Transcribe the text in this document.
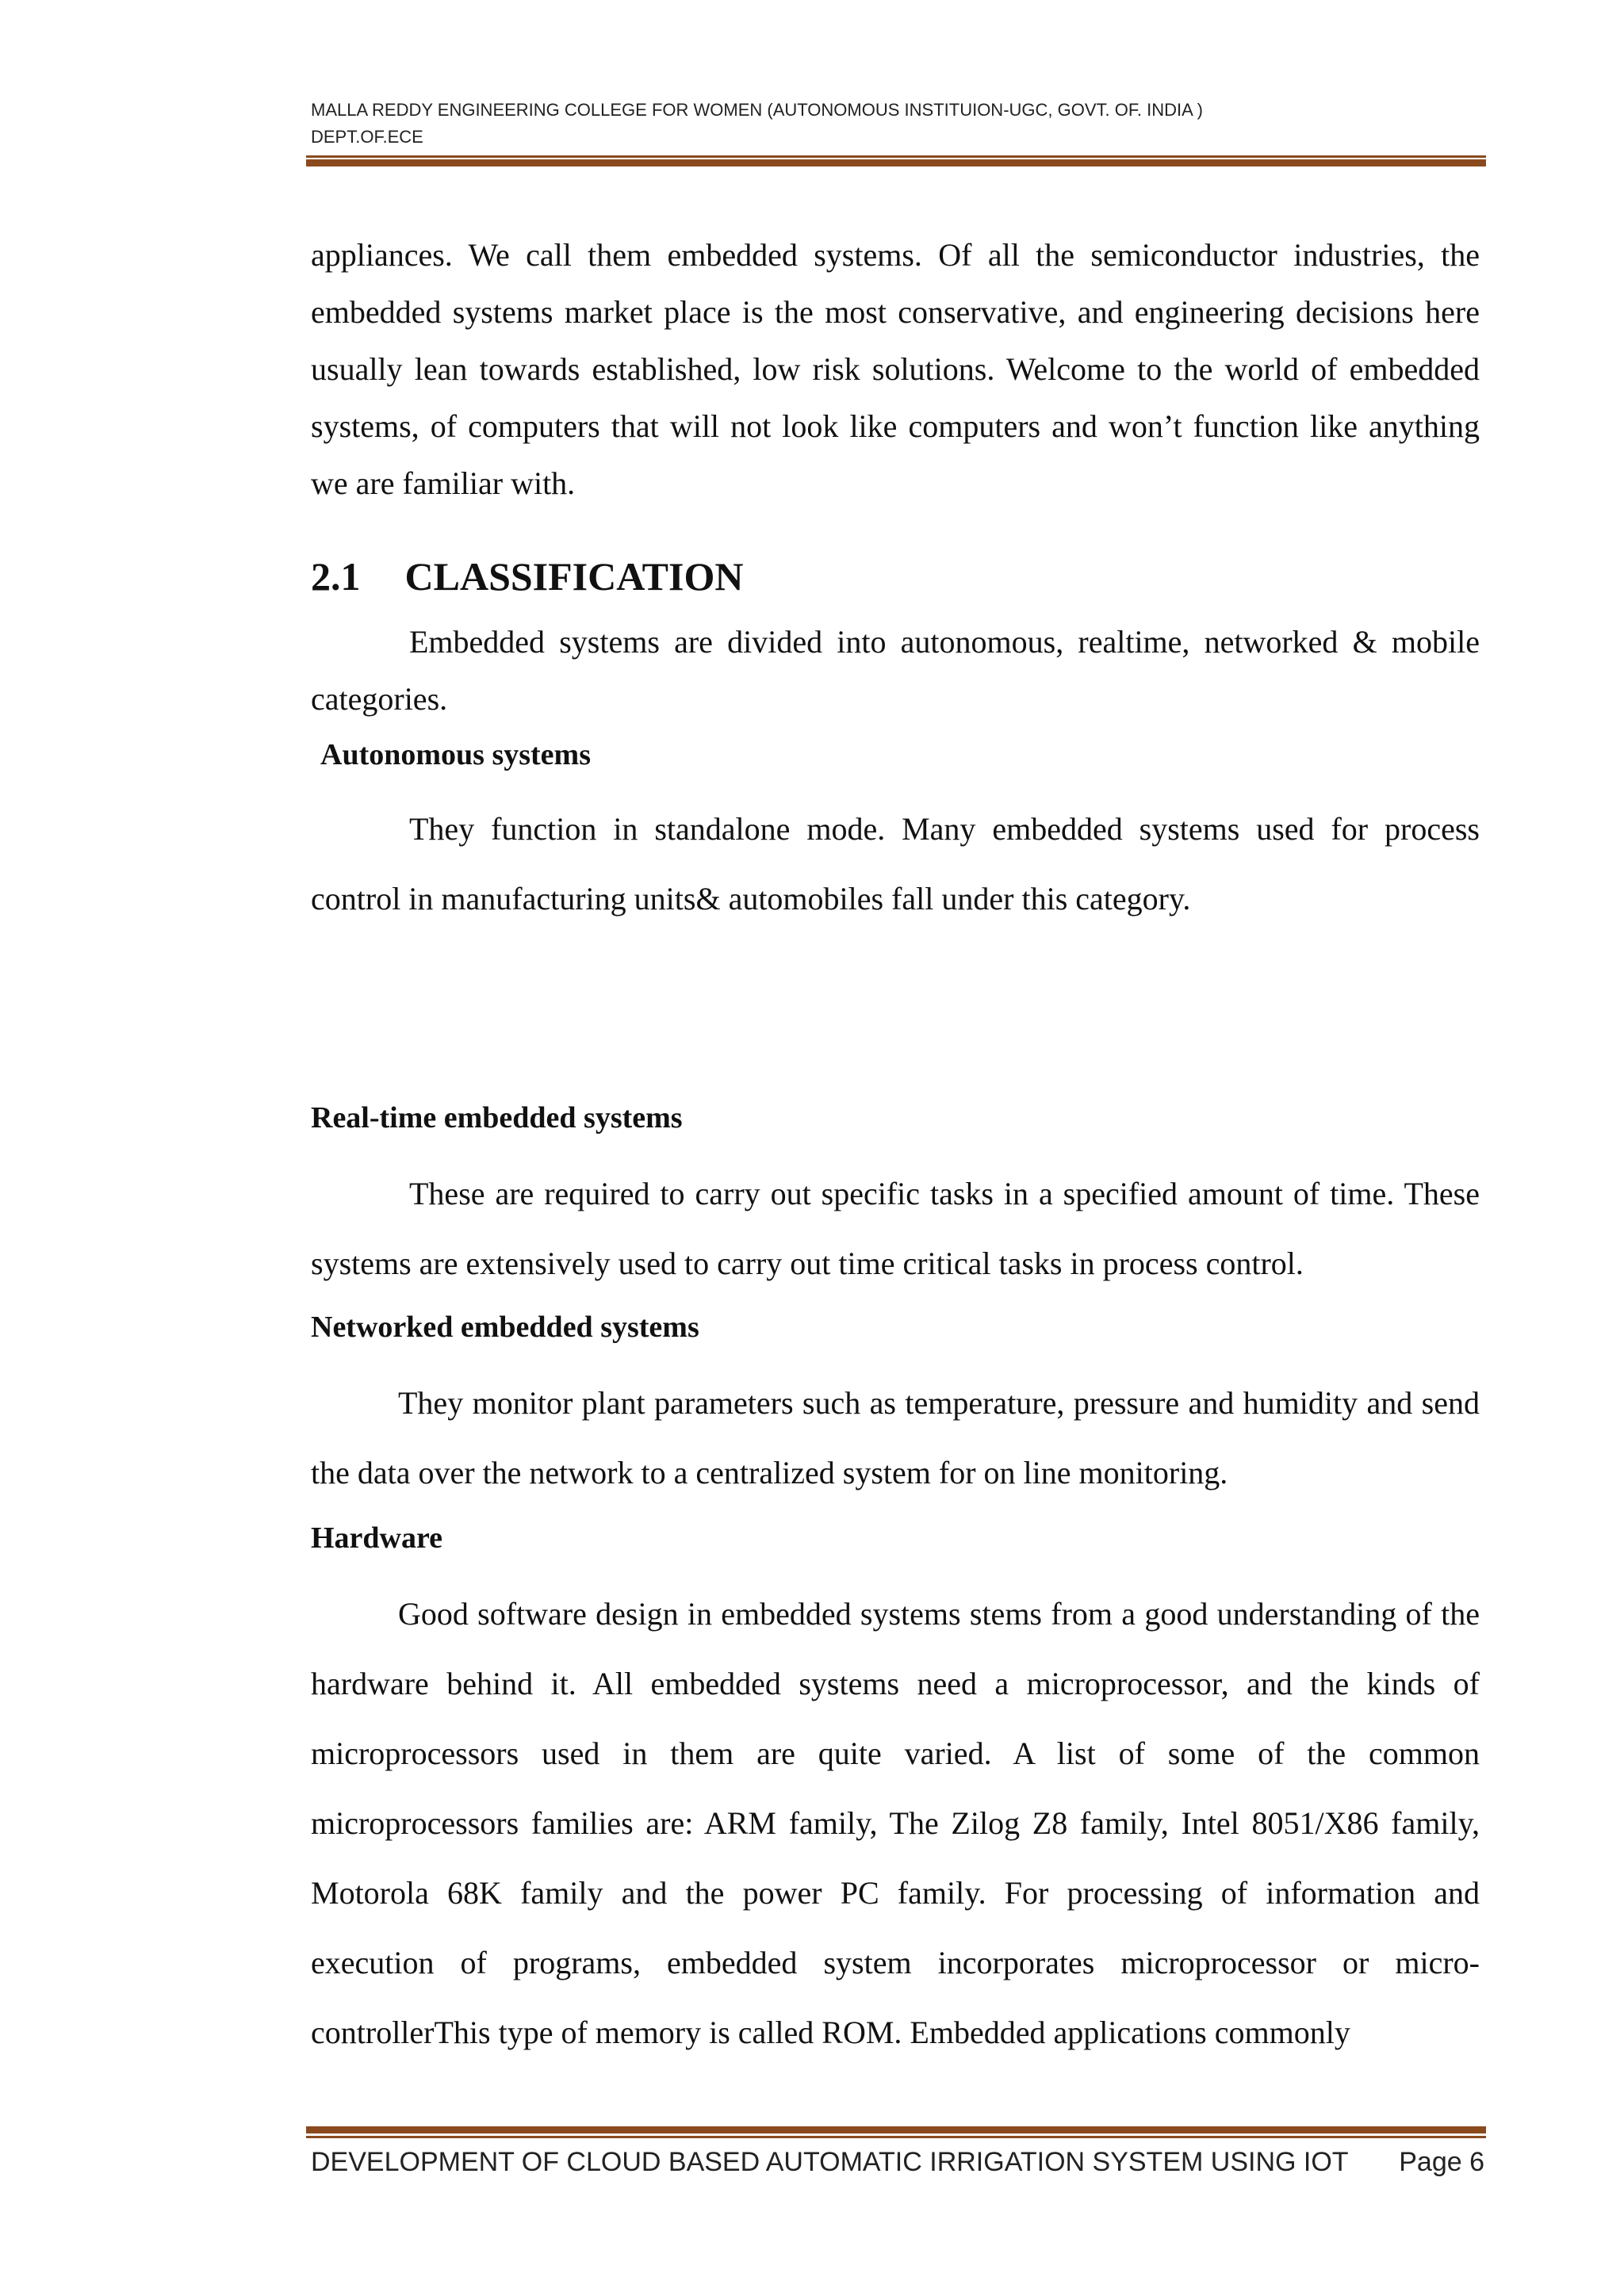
MALLA REDDY ENGINEERING COLLEGE FOR WOMEN (AUTONOMOUS INSTITUION-UGC, GOVT. OF. INDIA )

DEPT.OF.ECE

appliances. We call them embedded systems. Of all the semiconductor industries, the embedded systems market place is the most conservative, and engineering decisions here usually lean towards established, low risk solutions. Welcome to the world of embedded systems, of computers that will not look like computers and won’t function like anything we are familiar with.

2.1 CLASSIFICATION

Embedded systems are divided into autonomous, realtime, networked & mobile categories.

Autonomous systems

They function in standalone mode. Many embedded systems used for process control in manufacturing units& automobiles fall under this category.

Real-time embedded systems

These are required to carry out specific tasks in a specified amount of time. These systems are extensively used to carry out time critical tasks in process control.

Networked embedded systems

They monitor plant parameters such as temperature, pressure and humidity and send the data over the network to a centralized system for on line monitoring.

Hardware

Good software design in embedded systems stems from a good understanding of the hardware behind it. All embedded systems need a microprocessor, and the kinds of microprocessors used in them are quite varied. A list of some of the common microprocessors families are: ARM family, The Zilog Z8 family, Intel 8051/X86 family, Motorola 68K family and the power PC family. For processing of information and execution of programs, embedded system incorporates microprocessor or micro-controllerThis type of memory is called ROM. Embedded applications commonly

DEVELOPMENT OF CLOUD BASED AUTOMATIC IRRIGATION SYSTEM USING IOT Page 6
